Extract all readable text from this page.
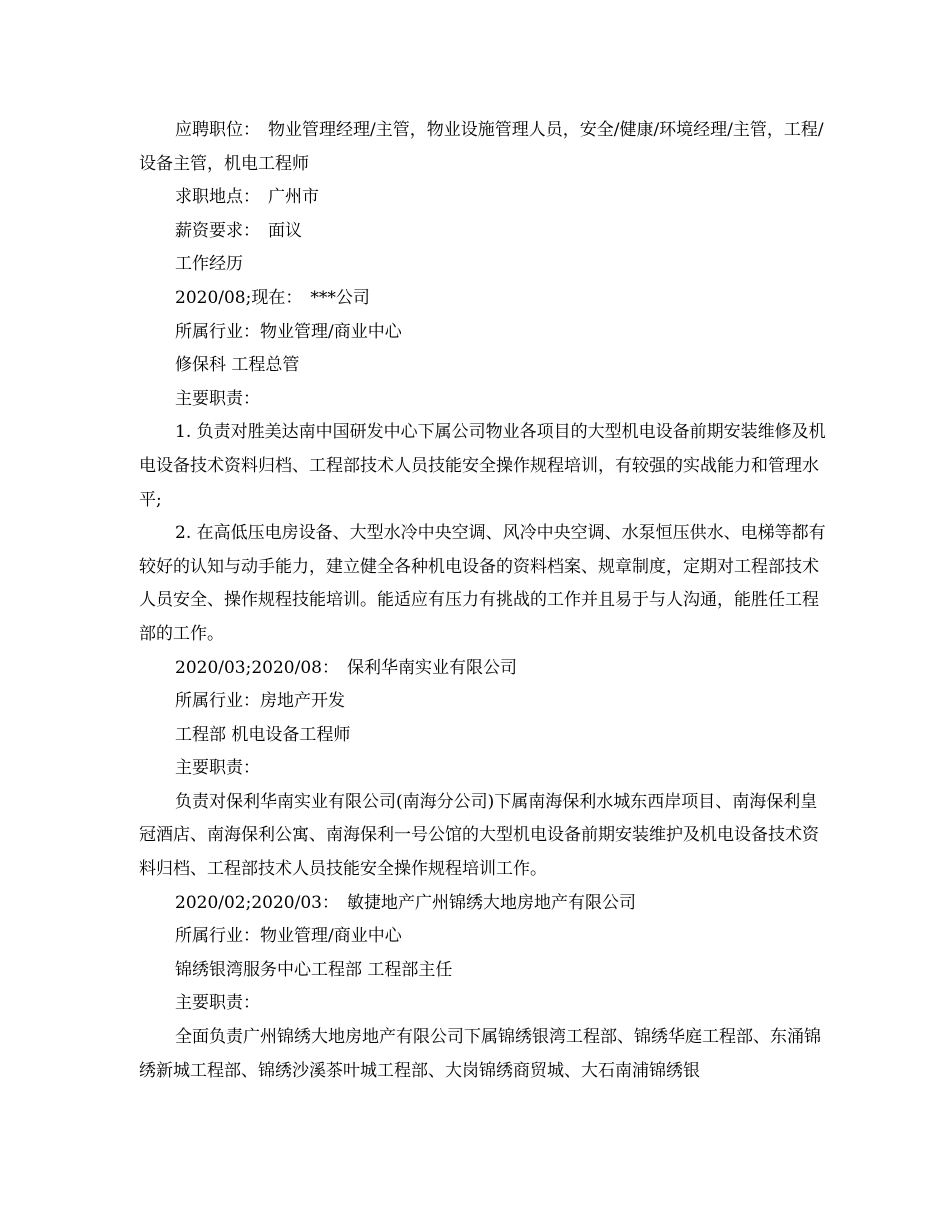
应聘职位： 物业管理经理/主管，物业设施管理人员，安全/健康/环境经理/主管，工程/设备主管，机电工程师

求职地点： 广州市

薪资要求： 面议

工作经历

2020/08;现在： ***公司

所属行业：物业管理/商业中心

修保科 工程总管

主要职责：

1. 负责对胜美达南中国研发中心下属公司物业各项目的大型机电设备前期安装维修及机电设备技术资料归档、工程部技术人员技能安全操作规程培训，有较强的实战能力和管理水平;

2. 在高低压电房设备、大型水冷中央空调、风冷中央空调、水泵恒压供水、电梯等都有较好的认知与动手能力，建立健全各种机电设备的资料档案、规章制度，定期对工程部技术人员安全、操作规程技能培训。能适应有压力有挑战的工作并且易于与人沟通，能胜任工程部的工作。

2020/03;2020/08： 保利华南实业有限公司

所属行业：房地产开发

工程部 机电设备工程师

主要职责：

负责对保利华南实业有限公司(南海分公司)下属南海保利水城东西岸项目、南海保利皇冠酒店、南海保利公寓、南海保利一号公馆的大型机电设备前期安装维护及机电设备技术资料归档、工程部技术人员技能安全操作规程培训工作。

2020/02;2020/03： 敏捷地产广州锦绣大地房地产有限公司

所属行业：物业管理/商业中心

锦绣银湾服务中心工程部 工程部主任

主要职责：

全面负责广州锦绣大地房地产有限公司下属锦绣银湾工程部、锦绣华庭工程部、东涌锦绣新城工程部、锦绣沙溪茶叶城工程部、大岗锦绣商贸城、大石南浦锦绣银
